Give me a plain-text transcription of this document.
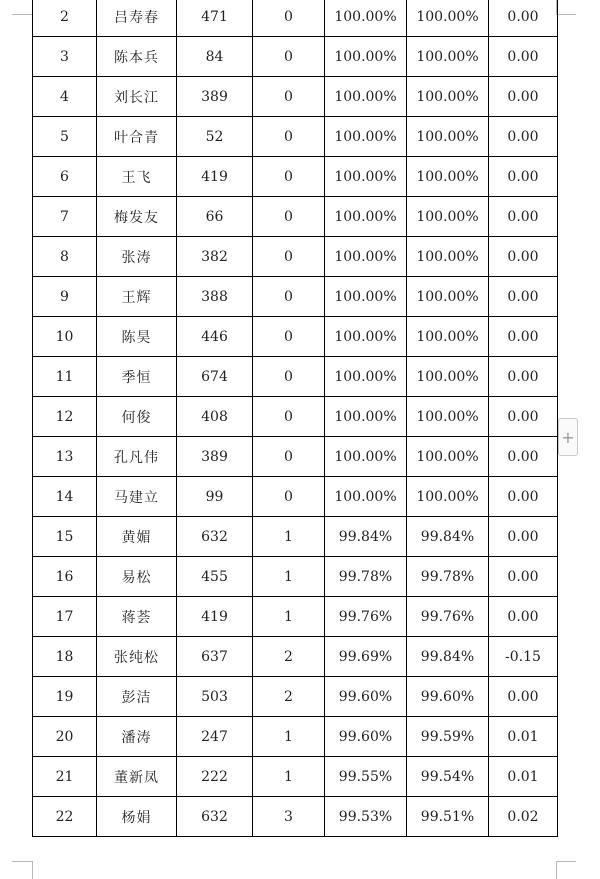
2	吕寿春	471	0	100.00%	100.00%	0.00
3	陈本兵	84	0	100.00%	100.00%	0.00
4	刘长江	389	0	100.00%	100.00%	0.00
5	叶合青	52	0	100.00%	100.00%	0.00
6	王飞	419	0	100.00%	100.00%	0.00
7	梅发友	66	0	100.00%	100.00%	0.00
8	张涛	382	0	100.00%	100.00%	0.00
9	王辉	388	0	100.00%	100.00%	0.00
10	陈昊	446	0	100.00%	100.00%	0.00
11	季恒	674	0	100.00%	100.00%	0.00
12	何俊	408	0	100.00%	100.00%	0.00
13	孔凡伟	389	0	100.00%	100.00%	0.00
14	马建立	99	0	100.00%	100.00%	0.00
15	黄媚	632	1	99.84%	99.84%	0.00
16	易松	455	1	99.78%	99.78%	0.00
17	蒋荟	419	1	99.76%	99.76%	0.00
18	张纯松	637	2	99.69%	99.84%	-0.15
19	彭洁	503	2	99.60%	99.60%	0.00
20	潘涛	247	1	99.60%	99.59%	0.01
21	董新凤	222	1	99.55%	99.54%	0.01
22	杨娟	632	3	99.53%	99.51%	0.02
+
